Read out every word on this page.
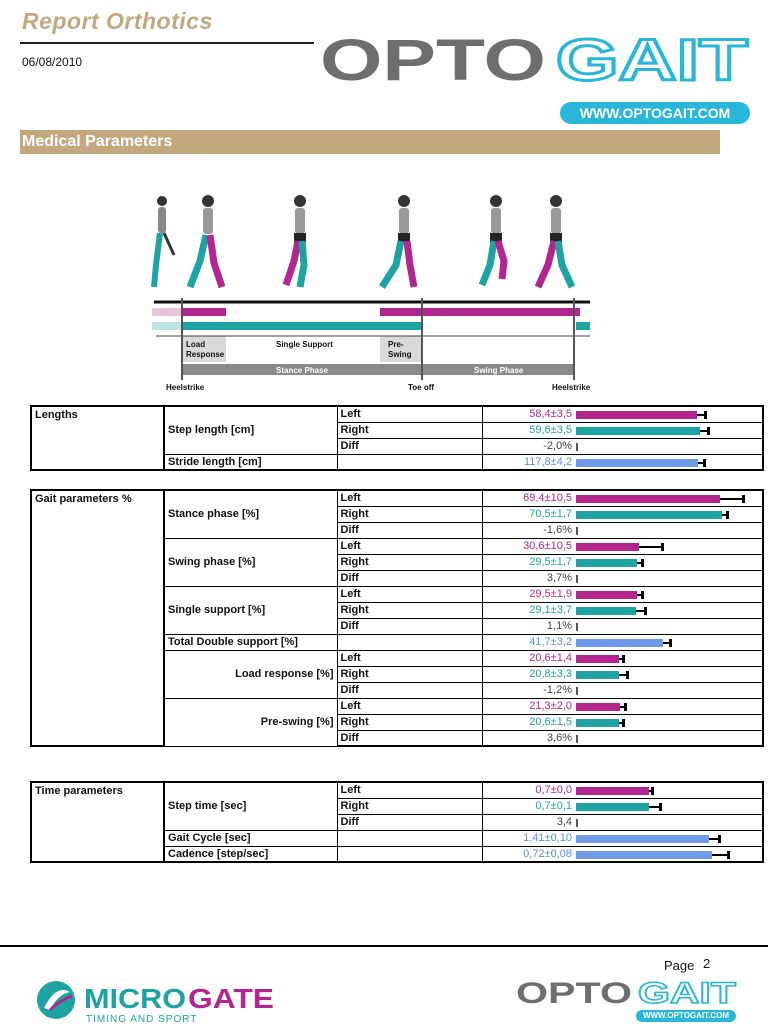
Report Orthotics
06/08/2010	OPTO GAIT
WWW.OPTOGAIT.COM
Medical Parameters
Load
Response
Single Support	Pre-
Swing
Stance Phase	Swing Phase
Heelstrike	Toe off	Heelstrike
Lengths	Step length [cm]	Left	58,4±3,5	

		Right	59,6±3,5	

		Diff	-2,0%	

	Stride length [cm]		117,8±4,2	
Gait parameters %	Stance phase [%]	Left	69,4±10,5	

		Right	70,5±1,7	

		Diff	-1,6%	

	Swing phase [%]	Left	30,6±10,5	

		Right	29,5±1,7	

		Diff	3,7%	

	Single support [%]	Left	29,5±1,9	

		Right	29,1±3,7	

		Diff	1,1%	

	Total Double support [%]		41,7±3,2	

	Load response [%]	Left	20,6±1,4	

		Right	20,8±3,3	

		Diff	-1,2%	

	Pre-swing [%]	Left	21,3±2,0	

		Right	20,6±1,5	

		Diff	3,6%	
Time parameters	Step time [sec]	Left	0,7±0,0	

		Right	0,7±0,1	

		Diff	3,4	

	Gait Cycle [sec]		1,41±0,10	

	Cadence [step/sec]		0,72±0,08	
Page 2
MICRO GATE
TIMING AND SPORT
OPTO GAIT
WWW.OPTOGAIT.COM
